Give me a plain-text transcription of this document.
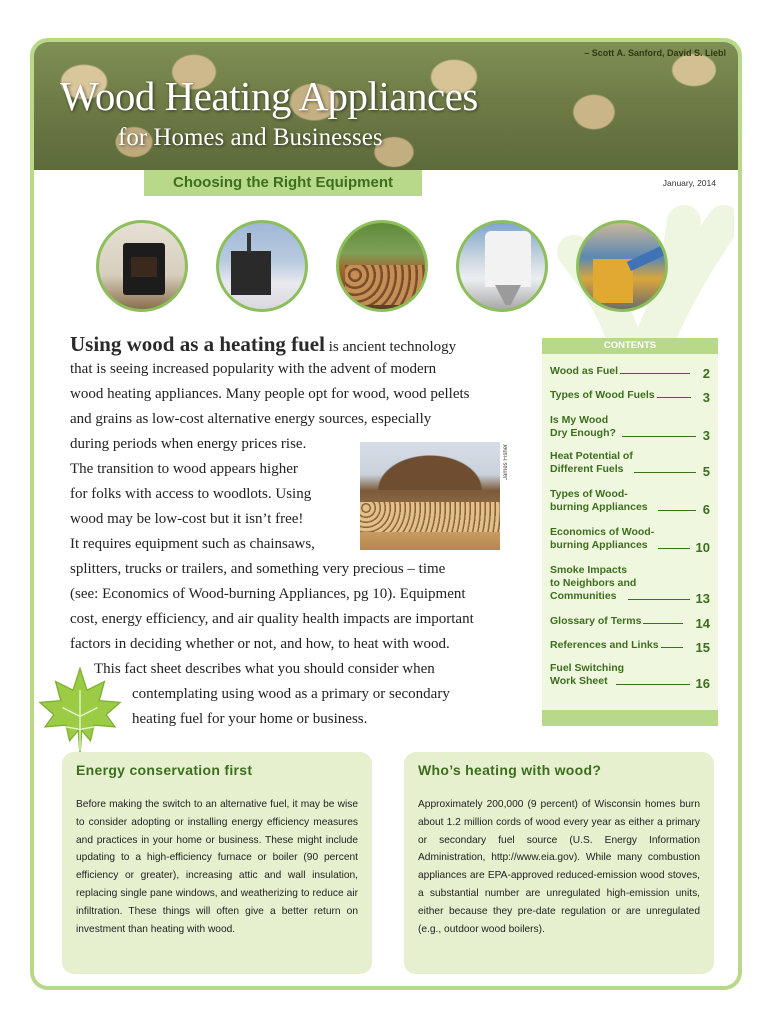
– Scott A. Sanford, David S. Liebl
Wood Heating Appliances
for Homes and Businesses
Choosing the Right Equipment	January, 2014
Using wood as a heating fuel is ancient technology
that is seeing increased popularity with the advent of modern
wood heating appliances. Many people opt for wood, wood pellets
and grains as low-cost alternative energy sources, especially
during periods when energy prices rise.
The transition to wood appears higher
for folks with access to woodlots. Using
wood may be low-cost but it isn’t free!
It requires equipment such as chainsaws,
splitters, trucks or trailers, and something very precious – time
(see: Economics of Wood-burning Appliances, pg 10). Equipment
cost, energy efficiency, and air quality health impacts are important
factors in deciding whether or not, and how, to heat with wood.
This fact sheet describes what you should consider when
contemplating using wood as a primary or secondary
heating fuel for your home or business.
James Fisher
CONTENTS
Wood as Fuel	2
Types of Wood Fuels	3
Is My Wood
Dry Enough?	3
Heat Potential of
Different Fuels	5
Types of Wood-
burning Appliances	6
Economics of Wood-
burning Appliances	10
Smoke Impacts
to Neighbors and
Communities	13
Glossary of Terms	14
References and Links	15
Fuel Switching
Work Sheet	16
Energy conservation first
Before making the switch to an alternative fuel, it may be wise to consider adopting or installing energy efficiency measures and practices in your home or business. These might include updating to a high-efficiency furnace or boiler (90 percent efficiency or greater), increasing attic and wall insulation, replacing single pane windows, and weatherizing to reduce air infiltration. These things will often give a better return on investment than heating with wood.
Who’s heating with wood?
Approximately 200,000 (9 percent) of Wisconsin homes burn about 1.2 million cords of wood every year as either a primary or secondary fuel source (U.S. Energy Information Administration, http://www.eia.gov). While many combustion appliances are EPA-approved reduced-emission wood stoves, a substantial number are unregulated high-emission units, either because they pre-date regulation or are unregulated (e.g., outdoor wood boilers).
